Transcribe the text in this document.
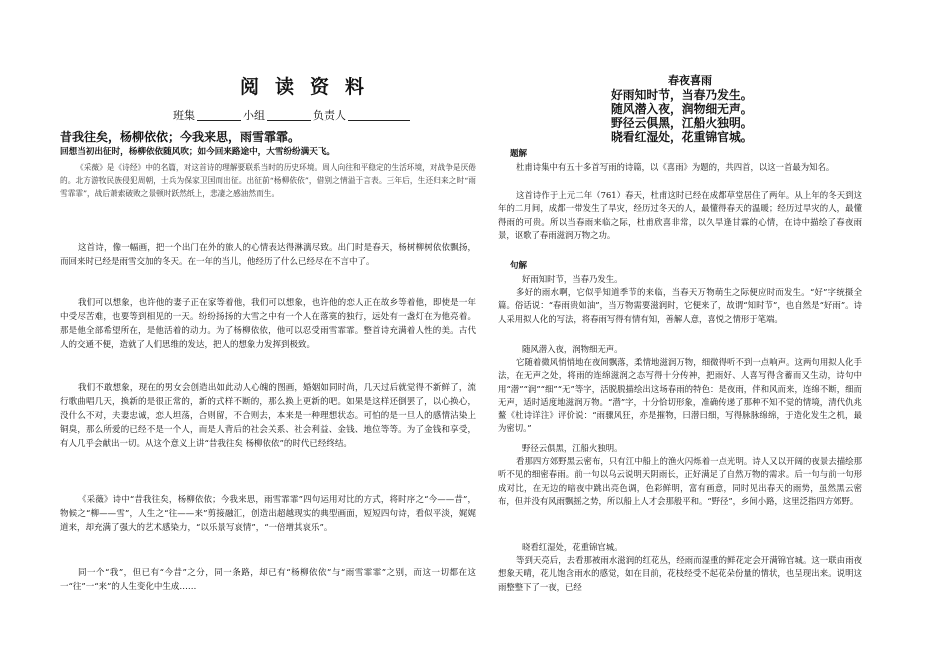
阅读资料
班集	小组	负责人
昔我往矣，杨柳依依；今我来思，雨雪霏霏。
回想当初出征时，杨柳依依随风吹；如今回来路途中，大雪纷纷满天飞。
《采薇》是《诗经》中的名篇，对这首诗的理解要联系当时的历史环境。周人向往和平稳定的生活环境，对战争是厌倦的。北方游牧民族侵犯周朝，士兵为保家卫国而出征。出征前“杨柳依依”，借别之情溢于言表。三年后，生还归来之时“雨雪霏霏”，战后萧索破败之景顿时跃然纸上，悲凄之感油然而生。
这首诗，像一幅画，把一个出门在外的旅人的心情表达得淋漓尽致。出门时是春天，杨树柳树依依飘扬，而回来时已经是雨雪交加的冬天。在一年的当儿，他经历了什么已经尽在不言中了。
我们可以想象，也许他的妻子正在家等着他，我们可以想象，也许他的恋人正在故乡等着他，即使是一年中受尽苦难，也要等到相见的一天。纷纷扬扬的大雪之中有一个人在落寞的独行，远处有一盏灯在为他亮着。那是他全部希望所在，是他活着的动力。为了杨柳依依，他可以忍受雨雪霏霏。整首诗充满着人性的美。古代人的交通不便，造就了人们思维的发达，把人的想象力发挥到极致。
我们不敢想象，现在的男女会创造出如此动人心魄的图画，婚姻如同时尚，几天过后就觉得不新鲜了，流行歌曲唱几天，换新的是很正常的，新的式样不断的，那么换上更新的吧。如果是这样还倒罢了，以心换心，没什么不对，夫妻忠诚，恋人坦荡，合则留，不合则去，本来是一种理想状态。可怕的是一旦人的感情沾染上铜臭，那么所爱的已经不是一个人，而是人背后的社会关系、社会利益、金钱、地位等等。为了金钱和享受，有人几乎会献出一切。从这个意义上讲“昔我往矣 杨柳依依”的时代已经终结。
《采薇》诗中“昔我往矣，杨柳依依；今我来思，雨雪霏霏”四句运用对比的方式，将时序之“今——昔”，物候之“柳——雪”，人生之“往——来”剪接融汇，创造出超越现实的典型画面，短短四句诗，看似平淡，娓娓道来，却充满了强大的艺术感染力，“以乐景写哀情”，“一倍增其哀乐”。
同一个“我”，但已有“今昔”之分，同一条路，却已有“杨柳依依”与“雨雪霏霏”之别，而这一切都在这一“往”一“来”的人生变化中生成……
春夜喜雨
好雨知时节，当春乃发生。
随风潜入夜，润物细无声。
野径云俱黑，江船火独明。
晓看红湿处，花重锦官城。
题解
杜甫诗集中有五十多首写雨的诗篇，以《喜雨》为题的，共四首，以这一首最为知名。
这首诗作于上元二年（761）春天，杜甫这时已经在成都草堂居住了两年。从上年的冬天到这年的二月间，成都一带发生了旱灾，经历过冬天的人，最懂得春天的温暖；经历过旱灾的人，最懂得雨的可贵。所以当春雨来临之际，杜甫欣喜非常，以久旱逢甘霖的心情，在诗中描绘了春夜雨景，讴歌了春雨滋润万物之功。
句解
好雨知时节，当春乃发生。
多好的雨水啊，它似乎知道季节的来临，当春天万物萌生之际便应时而发生。“好”字统摄全篇。俗话说：“春雨贵如油”，当万物需要滋润时，它便来了，故谓“知时节”，也自然是“好雨”。诗人采用拟人化的写法，将春雨写得有情有知，善解人意，喜悦之情形于笔端。
随风潜入夜，润物细无声。
它随着微风悄悄地在夜间飘落，柔情地滋润万物，细微得听不到一点响声。这两句用拟人化手法，在无声之处，将雨的连绵滋润之态写得十分传神，把雨好、人喜写得含蓄而又生动，诗句中用“潜”“润”“细”“无”等字，活脱脱描绘出这场春雨的特色：是夜雨，伴和风而来，连绵不断，细而无声，适时适度地滋润万物。“潜”字，十分恰切形象，准确传递了那种不知不觉的情境，清代仇兆鳌《杜诗详注》评价说：“雨骤风狂，亦是摧物，曰潜曰细，写得脉脉绵绵，于造化发生之机，最为密切。”
野径云俱黑，江船火独明。
看那四方郊野黑云密布，只有江中船上的渔火闪烁着一点光明。诗人又以开阔的夜景去描绘那听不见的细密春雨。前一句以乌云说明天阴雨长，正好满足了自然万物的需求。后一句与前一句形成对比，在无边的暗夜中跳出亮色调，色彩鲜明，富有画意，同时见出春天的雨势，虽然黑云密布，但并没有风雨飘摇之势，所以船上人才会那般平和。“野径”，乡间小路，这里泛指四方郊野。
晓看红湿处，花重锦官城。
等到天亮后，去看那被雨水滋润的红花丛，经雨而湿重的鲜花定会开满锦官城。这一联由雨夜想象天晴，花儿饱含雨水的感觉，如在目前，花枝经受不起花朵份量的情状，也呈现出来。说明这雨整整下了一夜，已经
